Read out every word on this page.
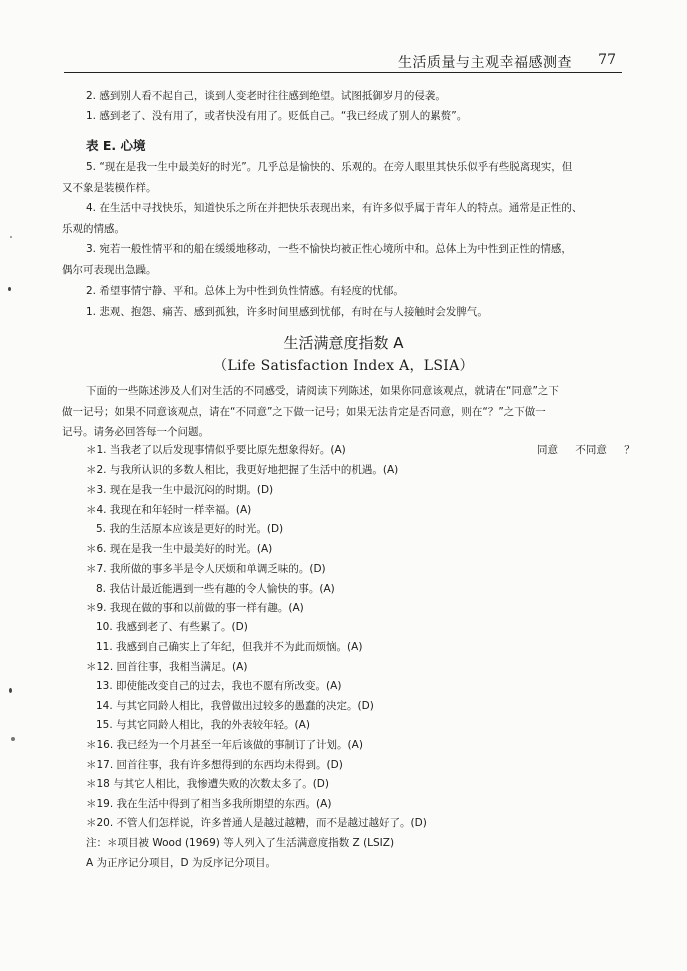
生活质量与主观幸福感测查 77
2. 感到别人看不起自己，谈到人变老时往往感到绝望。试图抵御岁月的侵袭。
1. 感到老了、没有用了，或者快没有用了。贬低自己。“我已经成了别人的累赘”。
表 E. 心境
5. “现在是我一生中最美好的时光”。几乎总是愉快的、乐观的。在旁人眼里其快乐似乎有些脱离现实，但
又不象是装模作样。
4. 在生活中寻找快乐，知道快乐之所在并把快乐表现出来，有许多似乎属于青年人的特点。通常是正性的、
乐观的情感。
3. 宛若一般性情平和的船在缓缓地移动，一些不愉快均被正性心境所中和。总体上为中性到正性的情感，
偶尔可表现出急躁。
2. 希望事情宁静、平和。总体上为中性到负性情感。有轻度的忧郁。
1. 悲观、抱怨、痛苦、感到孤独，许多时间里感到忧郁，有时在与人接触时会发脾气。
生活满意度指数 A
（Life Satisfaction Index A，LSIA）
下面的一些陈述涉及人们对生活的不同感受，请阅读下列陈述，如果你同意该观点，就请在“同意”之下
做一记号；如果不同意该观点，请在“不同意”之下做一记号；如果无法肯定是否同意，则在“？”之下做一
记号。请务必回答每一个问题。
同意 不同意 ？
＊1. 当我老了以后发现事情似乎要比原先想象得好。(A)
＊2. 与我所认识的多数人相比，我更好地把握了生活中的机遇。(A)
＊3. 现在是我一生中最沉闷的时期。(D)
＊4. 我现在和年轻时一样幸福。(A)
5. 我的生活原本应该是更好的时光。(D)
＊6. 现在是我一生中最美好的时光。(A)
＊7. 我所做的事多半是令人厌烦和单调乏味的。(D)
8. 我估计最近能遇到一些有趣的令人愉快的事。(A)
＊9. 我现在做的事和以前做的事一样有趣。(A)
10. 我感到老了、有些累了。(D)
11. 我感到自己确实上了年纪，但我并不为此而烦恼。(A)
＊12. 回首往事，我相当满足。(A)
13. 即使能改变自己的过去，我也不愿有所改变。(A)
14. 与其它同龄人相比，我曾做出过较多的愚蠢的决定。(D)
15. 与其它同龄人相比，我的外表较年轻。(A)
＊16. 我已经为一个月甚至一年后该做的事制订了计划。(A)
＊17. 回首往事，我有许多想得到的东西均未得到。(D)
＊18 与其它人相比，我惨遭失败的次数太多了。(D)
＊19. 我在生活中得到了相当多我所期望的东西。(A)
＊20. 不管人们怎样说，许多普通人是越过越糟，而不是越过越好了。(D)
注：＊项目被 Wood (1969) 等人列入了生活满意度指数 Z (LSIZ)
A 为正序记分项目，D 为反序记分项目。
